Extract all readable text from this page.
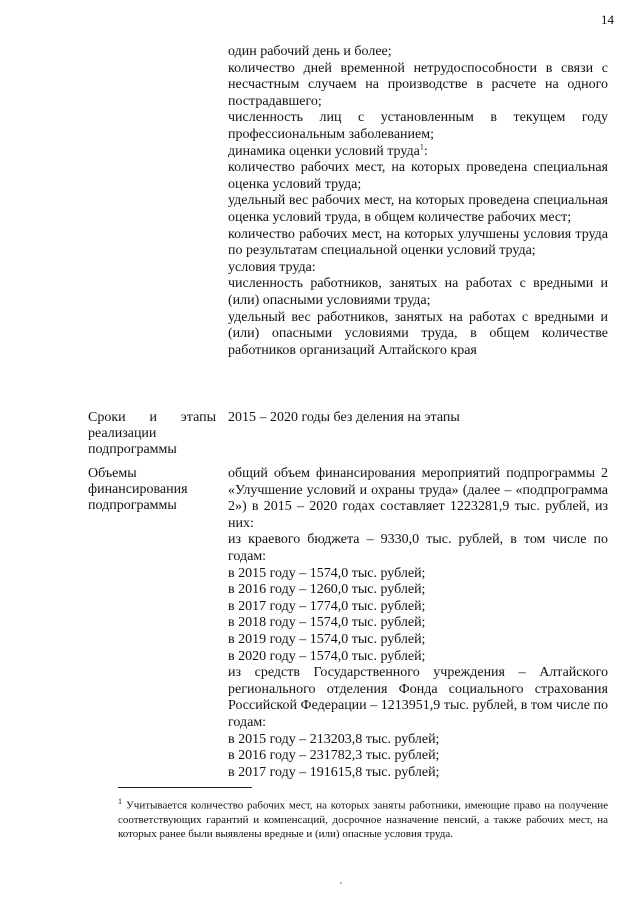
14

один рабочий день и более;

количество дней временной нетрудоспособности в связи с несчастным случаем на производстве в расчете на одного пострадавшего;

численность лиц с установленным в текущем году профессиональным заболеванием;

динамика оценки условий труда$^1$:

количество рабочих мест, на которых проведена специальная оценка условий труда;

удельный вес рабочих мест, на которых проведена специальная оценка условий труда, в общем количестве рабочих мест;

количество рабочих мест, на которых улучшены условия труда по результатам специальной оценки условий труда;

условия труда:

численность работников, занятых на работах с вредными и (или) опасными условиями труда;

удельный вес работников, занятых на работах с вредными и (или) опасными условиями труда, в общем количестве работников организаций Алтайского края

Сроки и этапы реализации подпрограммы

2015 – 2020 годы без деления на этапы

Объемы финансирования подпрограммы

общий объем финансирования мероприятий подпрограммы 2 «Улучшение условий и охраны труда» (далее – «подпрограмма 2») в 2015 – 2020 годах составляет 1223281,9 тыс. рублей, из них:

из краевого бюджета – 9330,0 тыс. рублей, в том числе по годам:

в 2015 году – 1574,0 тыс. рублей;

в 2016 году – 1260,0 тыс. рублей;

в 2017 году – 1774,0 тыс. рублей;

в 2018 году – 1574,0 тыс. рублей;

в 2019 году – 1574,0 тыс. рублей;

в 2020 году – 1574,0 тыс. рублей;

из средств Государственного учреждения – Алтайского регионального отделения Фонда социального страхования Российской Федерации – 1213951,9 тыс. рублей, в том числе по годам:

в 2015 году – 213203,8 тыс. рублей;

в 2016 году – 231782,3 тыс. рублей;

в 2017 году – 191615,8 тыс. рублей;

$^1$ Учитывается количество рабочих мест, на которых заняты работники, имеющие право на получение соответствующих гарантий и компенсаций, досрочное назначение пенсий, а также рабочих мест, на которых ранее были выявлены вредные и (или) опасные условия труда.
